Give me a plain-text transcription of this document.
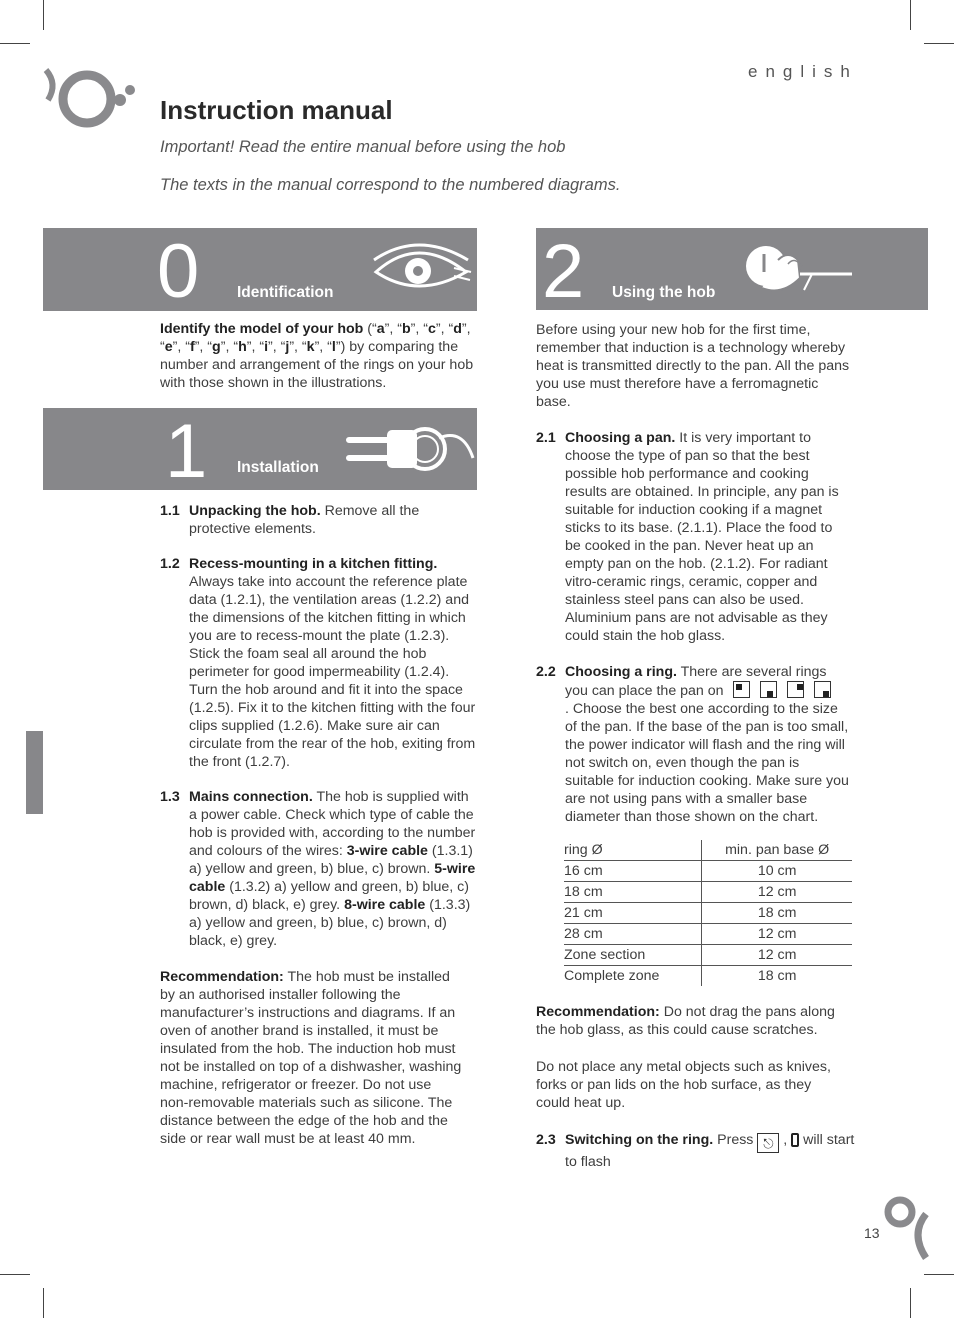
english
Instruction manual
Important! Read the entire manual before using the hob
The texts in the manual correspond to the numbered diagrams.
0 Identification
Identify the model of your hob (“a”, “b”, “c”, “d”, “e”, “f”, “g”, “h”, “i”, “j”, “k”, “l”) by comparing the number and arrangement of the rings on your hob with those shown in the illustrations.
1 Installation
1.1 Unpacking the hob. Remove all the protective elements.
1.2 Recess-mounting in a kitchen fitting.
Always take into account the reference plate data (1.2.1), the ventilation areas (1.2.2) and the dimensions of the kitchen fitting in which you are to recess-mount the plate (1.2.3). Stick the foam seal all around the hob perimeter for good impermeability (1.2.4). Turn the hob around and fit it into the space (1.2.5). Fix it to the kitchen fitting with the four clips supplied (1.2.6). Make sure air can circulate from the rear of the hob, exiting from the front (1.2.7).
1.3 Mains connection. The hob is supplied with a power cable. Check which type of cable the hob is provided with, according to the number and colours of the wires: 3-wire cable (1.3.1) a) yellow and green, b) blue, c) brown. 5-wire cable (1.3.2) a) yellow and green, b) blue, c) brown, d) black, e) grey. 8-wire cable (1.3.3) a) yellow and green, b) blue, c) brown, d) black, e) grey.
Recommendation: The hob must be installed by an authorised installer following the manufacturer’s instructions and diagrams. If an oven of another brand is installed, it must be insulated from the hob. The induction hob must not be installed on top of a dishwasher, washing machine, refrigerator or freezer. Do not use non-removable materials such as silicone. The distance between the edge of the hob and the side or rear wall must be at least 40 mm.
2 Using the hob
Before using your new hob for the first time, remember that induction is a technology whereby heat is transmitted directly to the pan. All the pans you use must therefore have a ferromagnetic base.
2.1 Choosing a pan. It is very important to choose the type of pan so that the best possible hob performance and cooking results are obtained. In principle, any pan is suitable for induction cooking if a magnet sticks to its base. (2.1.1). Place the food to be cooked in the pan. Never heat up an empty pan on the hob. (2.1.2). For radiant vitro-ceramic rings, ceramic, copper and stainless steel pans can also be used. Aluminium pans are not advisable as they could stain the hob glass.
2.2 Choosing a ring. There are several rings you can place the pan on

. Choose the best one according to the size of the pan. If the base of the pan is too small, the power indicator will flash and the ring will not switch on, even though the pan is suitable for induction cooking. Make sure you are not using pans with a smaller base diameter than those shown on the chart.
ring Ø	min. pan base Ø
16 cm	10 cm
18 cm	12 cm
21 cm	18 cm
28 cm	12 cm
Zone section	12 cm
Complete zone	18 cm
Recommendation: Do not drag the pans along the hob glass, as this could cause scratches.
Do not place any metal objects such as knives, forks or pan lids on the hob surface, as they could heat up.
2.3 Switching on the ring. Press ⎋ ,  will start to flash
13
